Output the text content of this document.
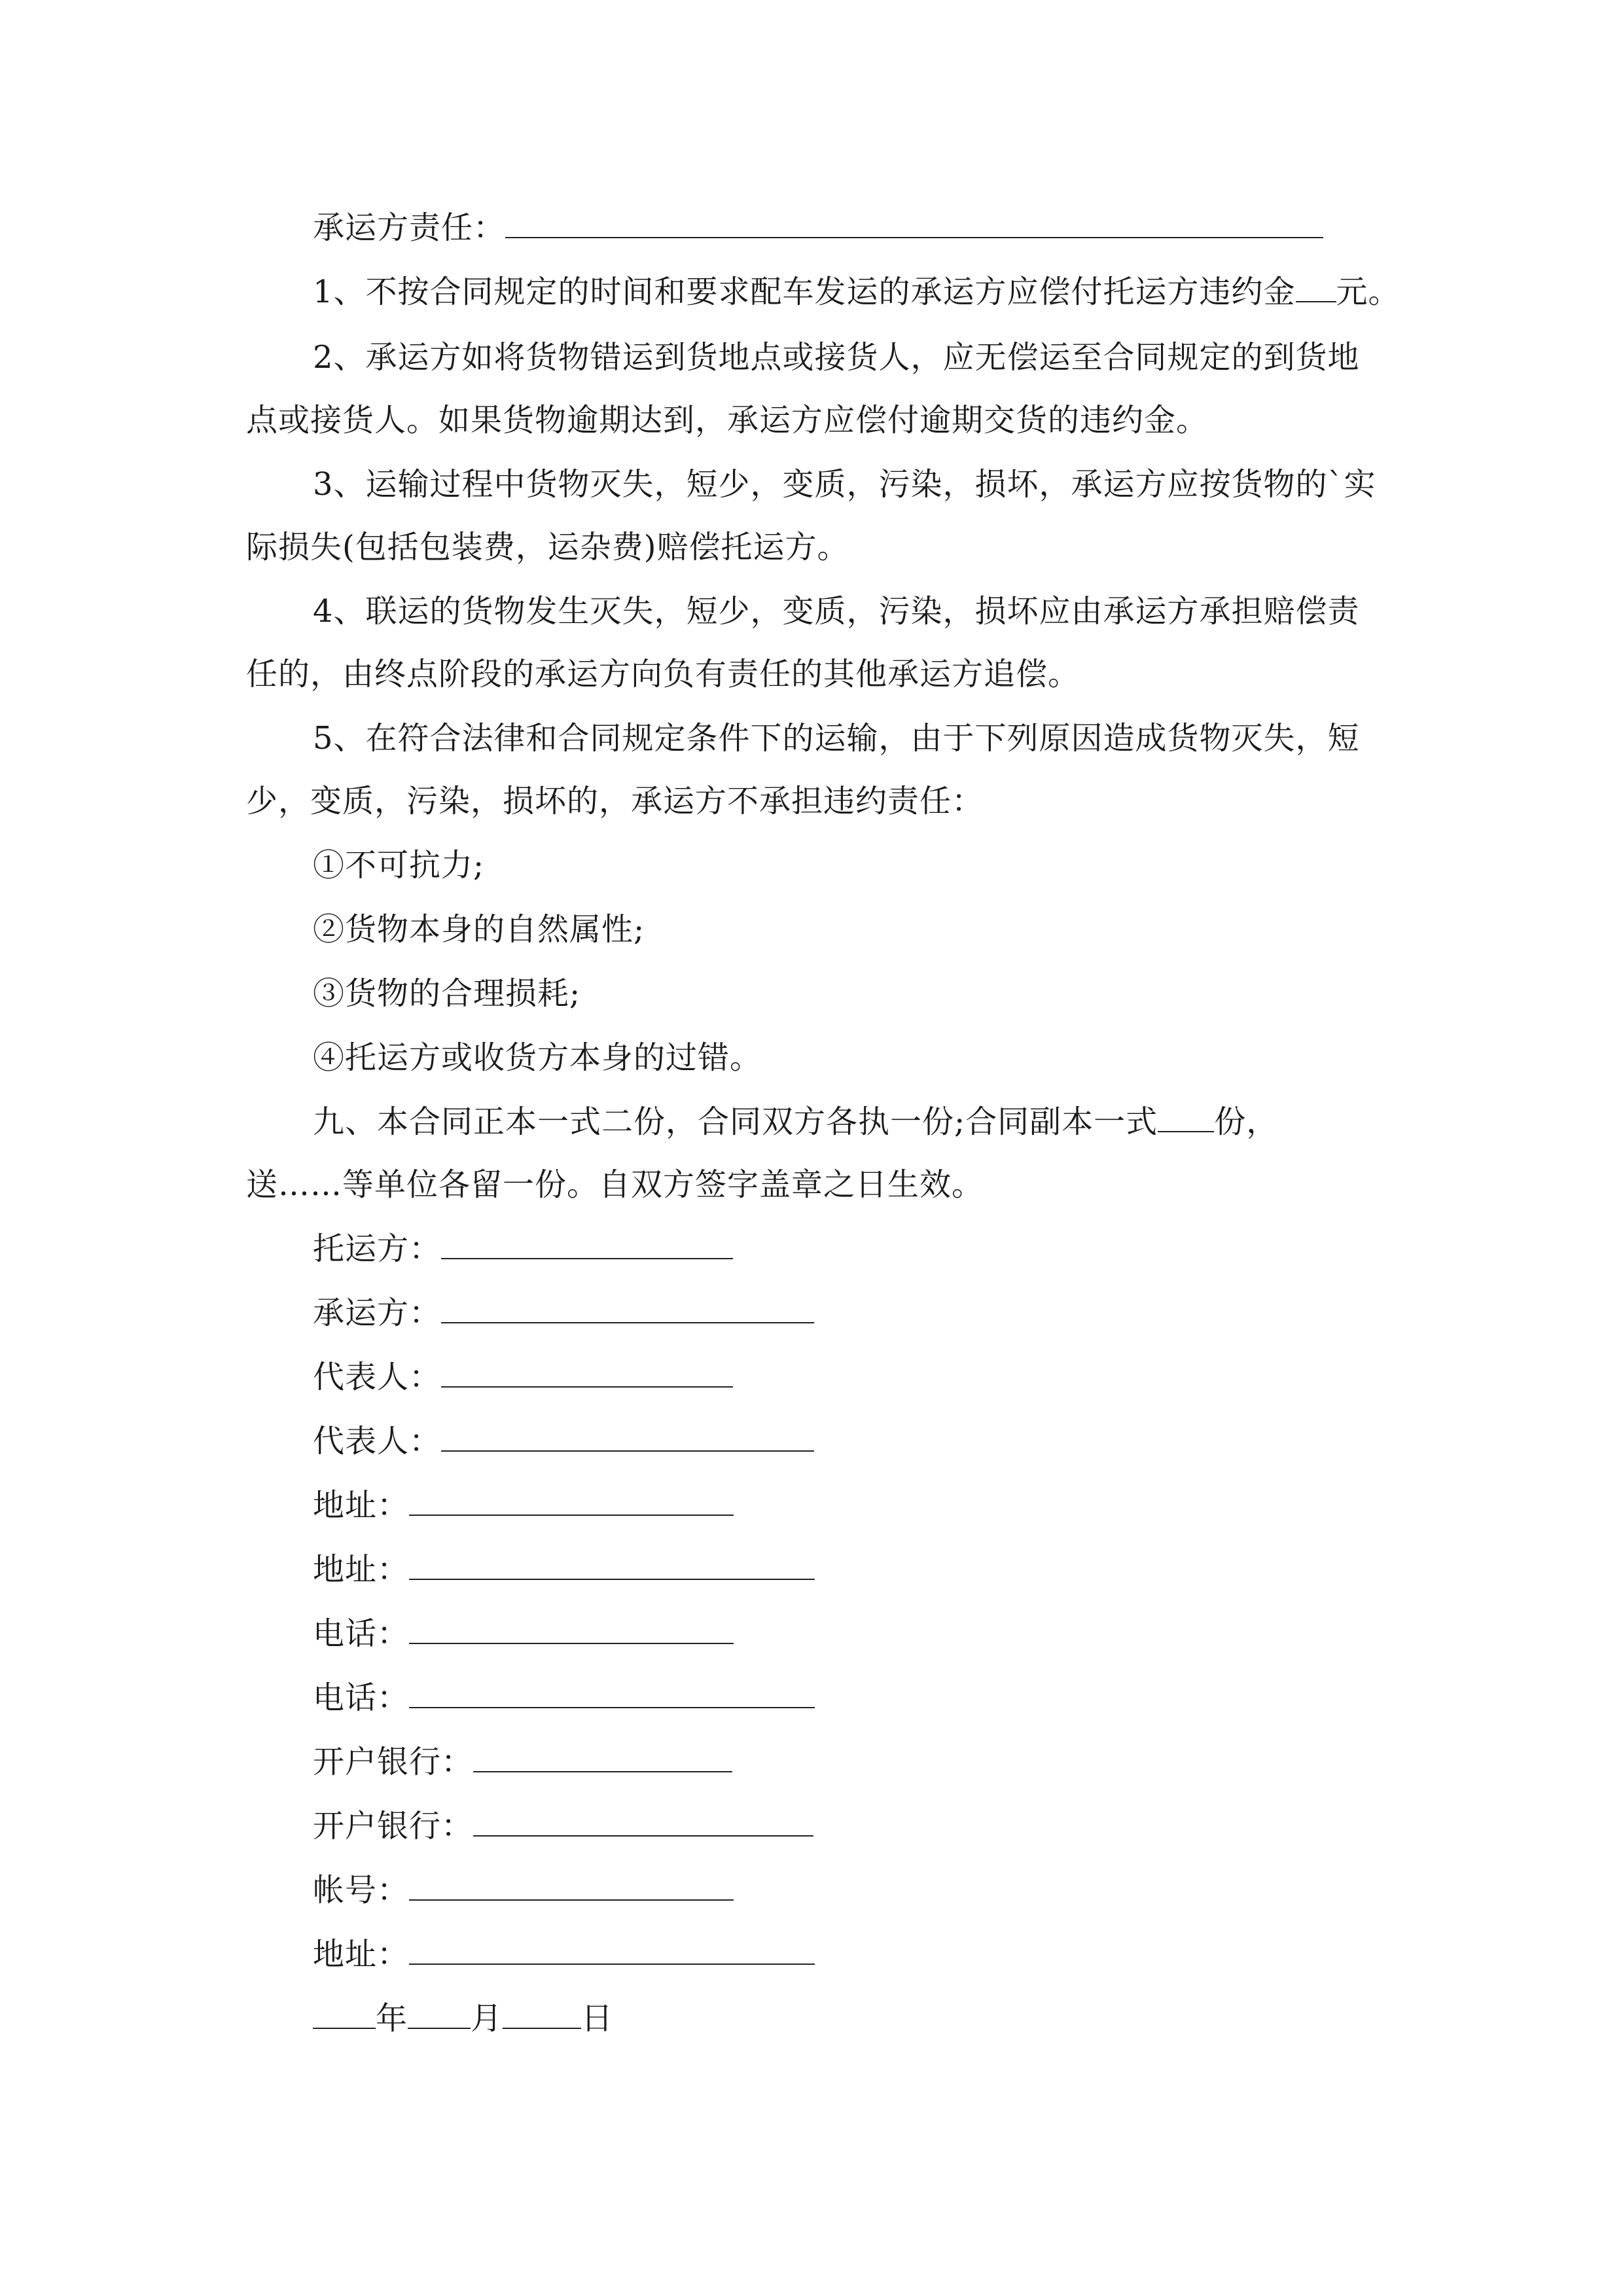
承运方责任：
1、不按合同规定的时间和要求配车发运的承运方应偿付托运方违约金 元。
2、承运方如将货物错运到货地点或接货人，应无偿运至合同规定的到货地
点或接货人。如果货物逾期达到，承运方应偿付逾期交货的违约金。
3、运输过程中货物灭失，短少，变质，污染，损坏，承运方应按货物的`实
际损失(包括包装费，运杂费)赔偿托运方。
4、联运的货物发生灭失，短少，变质，污染，损坏应由承运方承担赔偿责
任的，由终点阶段的承运方向负有责任的其他承运方追偿。
5、在符合法律和合同规定条件下的运输，由于下列原因造成货物灭失，短
少，变质，污染，损坏的，承运方不承担违约责任：
①不可抗力;
②货物本身的自然属性;
③货物的合理损耗;
④托运方或收货方本身的过错。
九、本合同正本一式二份，合同双方各执一份;合同副本一式 份，
送……等单位各留一份。自双方签字盖章之日生效。
托运方：
承运方：
代表人：
代表人：
地址：
地址：
电话：
电话：
开户银行：
开户银行：
帐号：
地址：
年 月	日
